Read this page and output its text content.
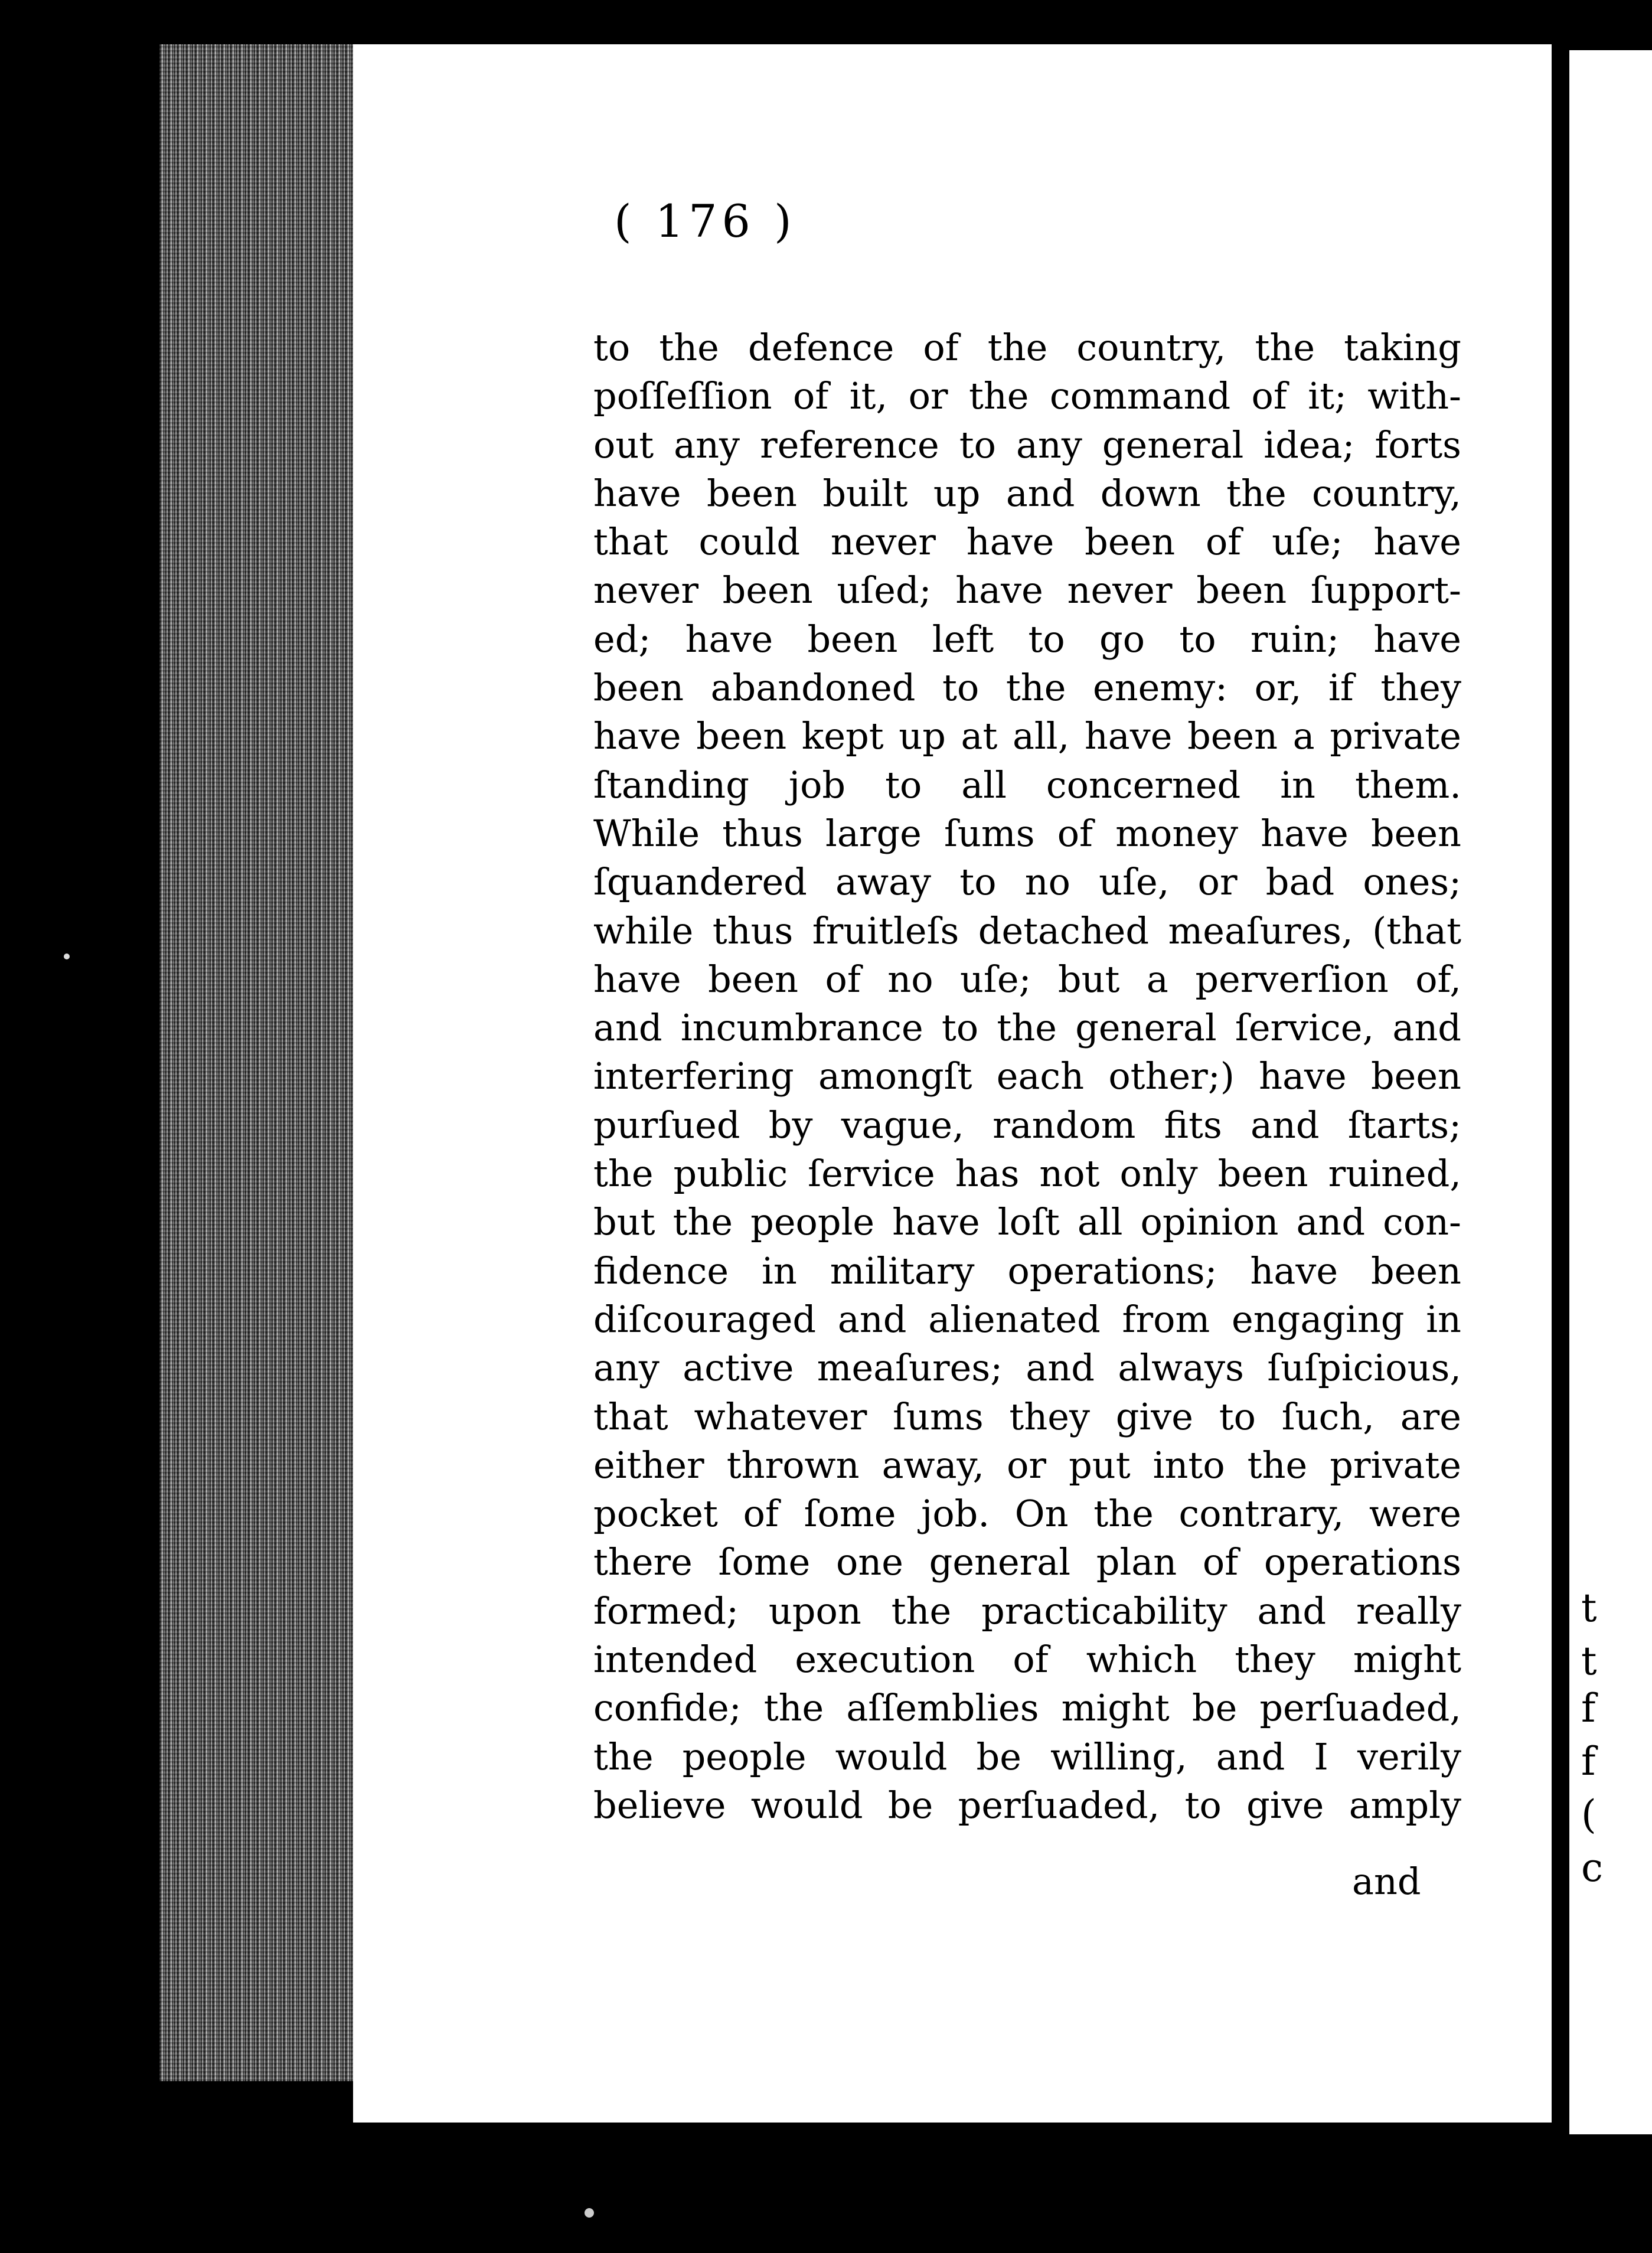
( 176 )
to the defence of the country, the taking
poſſeſſion of it, or the command of it; with-
out any reference to any general idea; forts
have been built up and down the country,
that could never have been of uſe; have
never been uſed; have never been ſupport-
ed; have been left to go to ruin; have
been abandoned to the enemy: or, if they
have been kept up at all, have been a private
ſtanding job to all concerned in them.
While thus large ſums of money have been
ſquandered away to no uſe, or bad ones;
while thus fruitleſs detached meaſures, (that
have been of no uſe; but a perverſion of,
and incumbrance to the general ſervice, and
interfering amongſt each other;) have been
purſued by vague, random fits and ſtarts;
the public ſervice has not only been ruined,
but the people have loſt all opinion and con-
fidence in military operations; have been
diſcouraged and alienated from engaging in
any active meaſures; and always ſuſpicious,
that whatever ſums they give to ſuch, are
either thrown away, or put into the private
pocket of ſome job. On the contrary, were
there ſome one general plan of operations
formed; upon the practicability and really
intended execution of which they might
confide; the aſſemblies might be perſuaded,
the people would be willing, and I verily
believe would be perſuaded, to give amply
and
t
t
f
f
(
c
